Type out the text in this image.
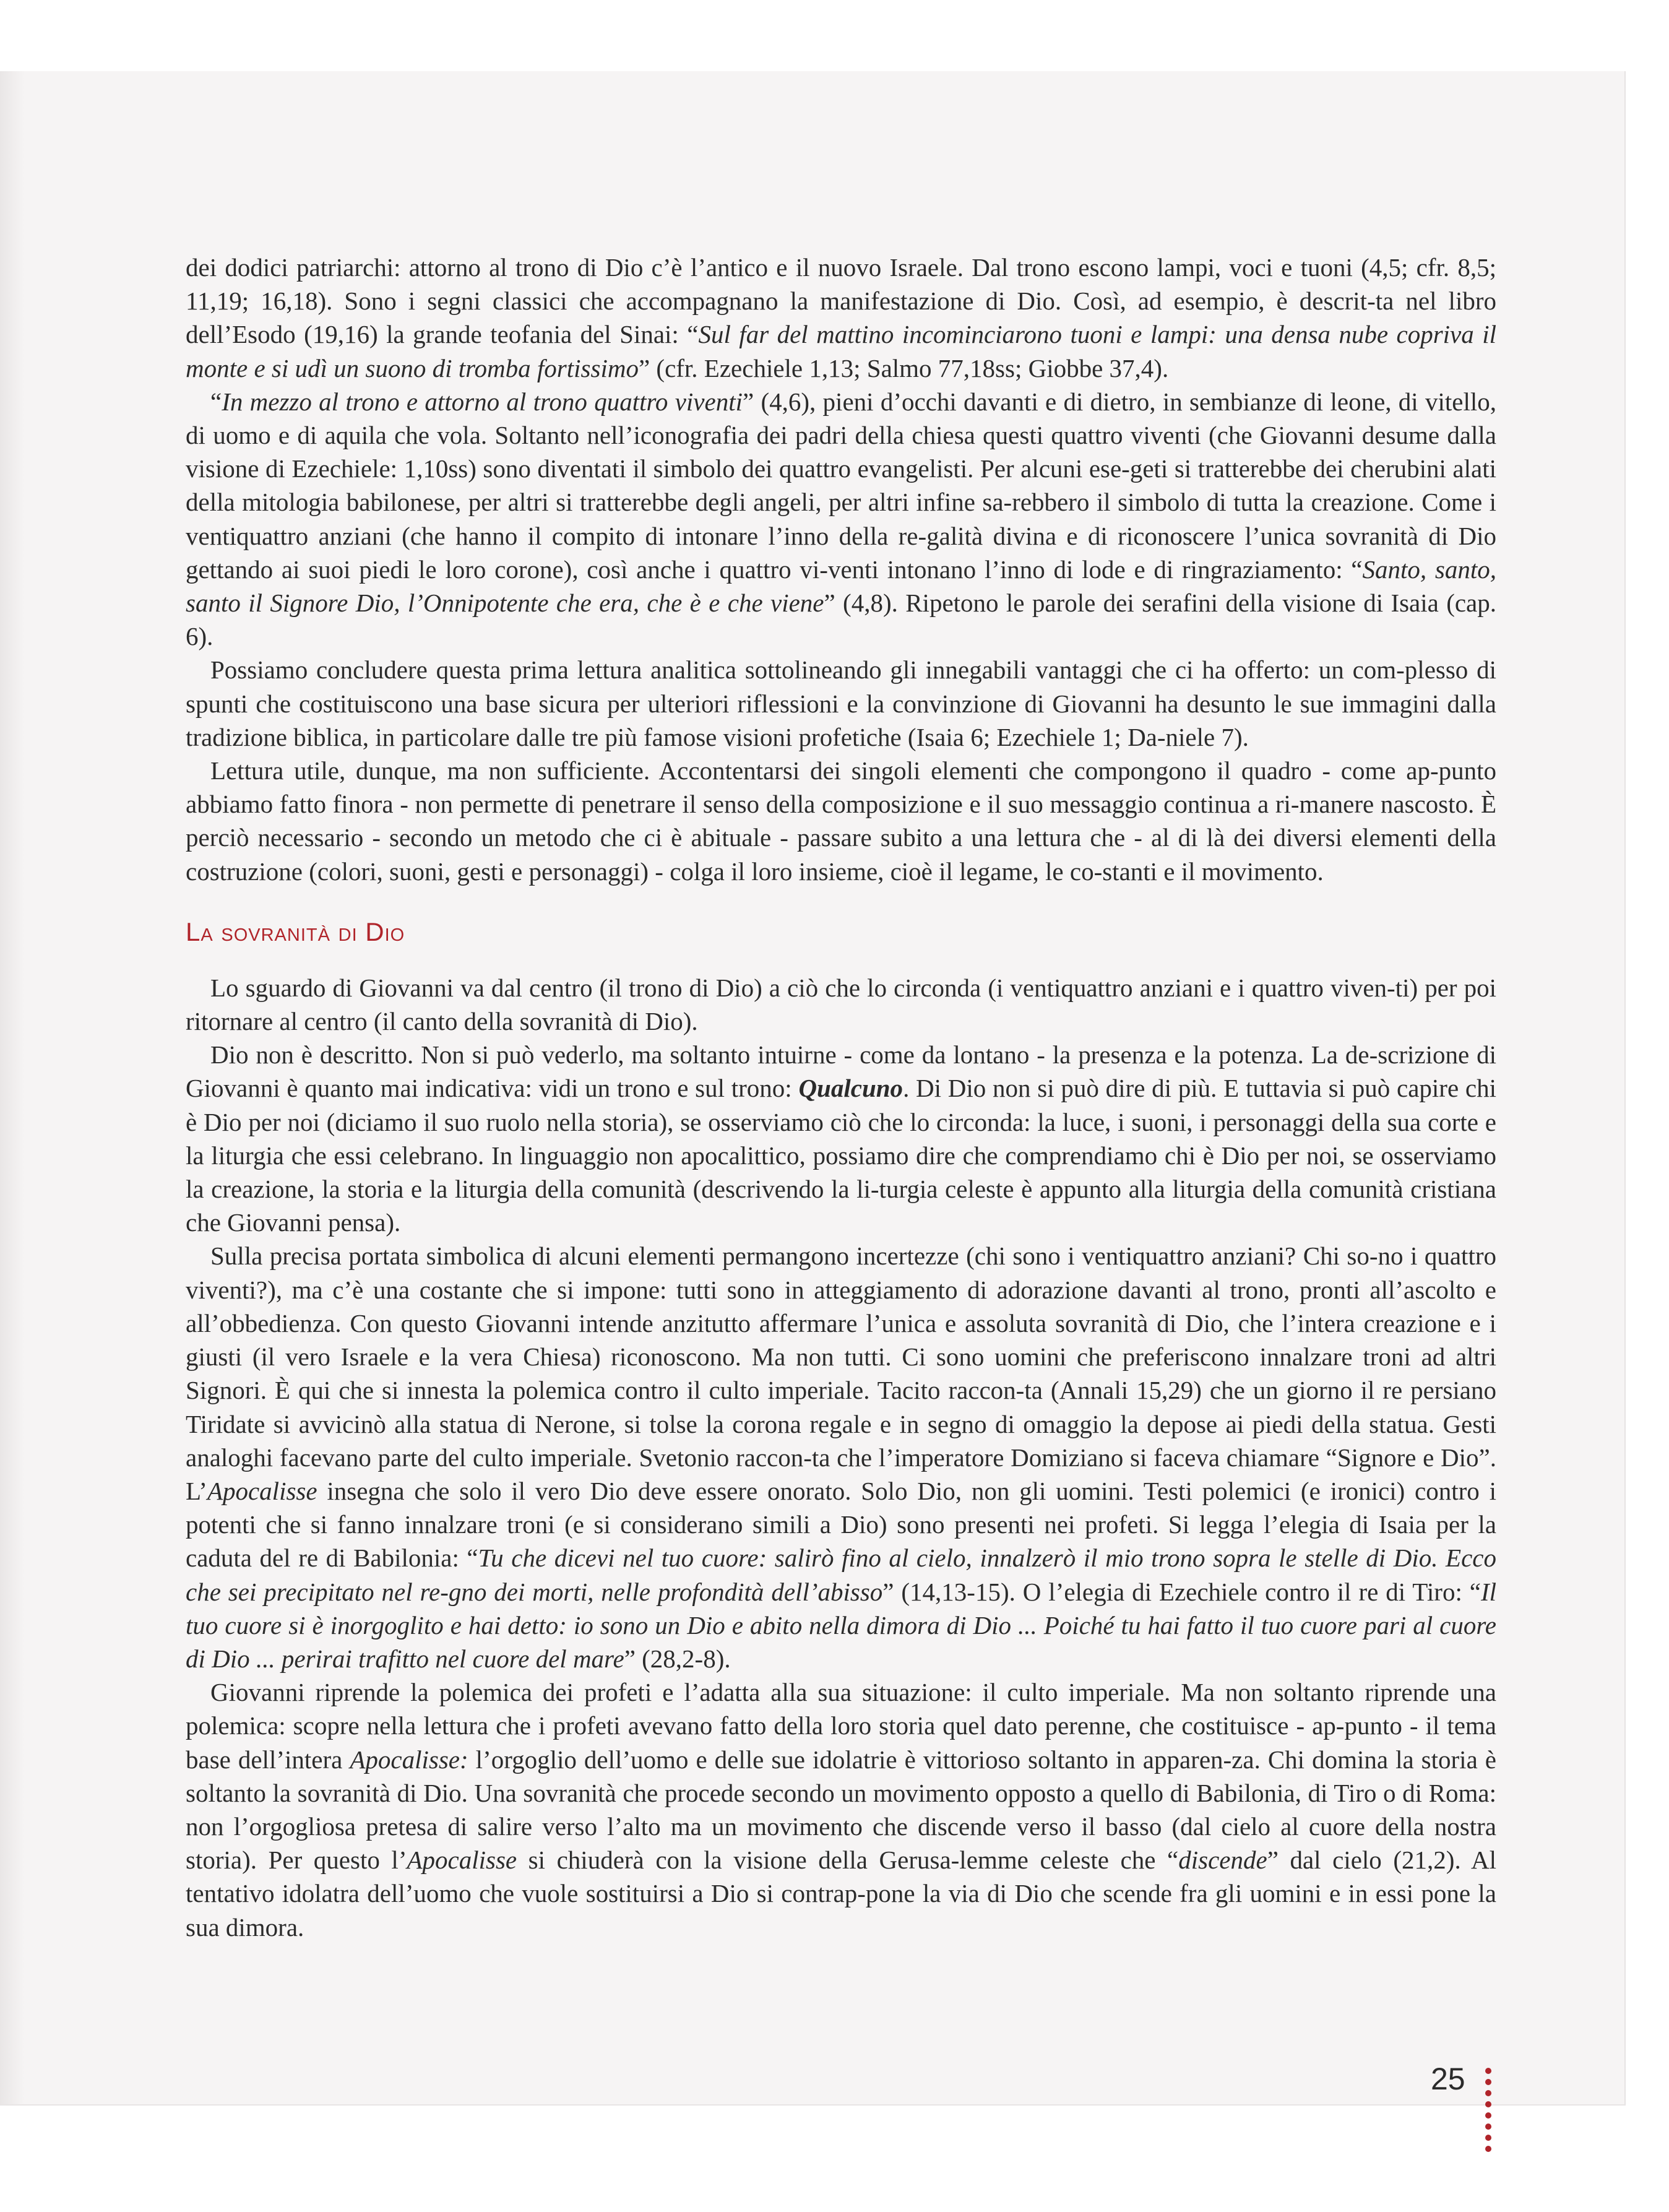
dei dodici patriarchi: attorno al trono di Dio c’è l’antico e il nuovo Israele. Dal trono escono lampi, voci e tuoni (4,5; cfr. 8,5; 11,19; 16,18). Sono i segni classici che accompagnano la manifestazione di Dio. Così, ad esempio, è descrit-ta nel libro dell’Esodo (19,16) la grande teofania del Sinai: “Sul far del mattino incominciarono tuoni e lampi: una densa nube copriva il monte e si udì un suono di tromba fortissimo” (cfr. Ezechiele 1,13; Salmo 77,18ss; Giobbe 37,4).

“In mezzo al trono e attorno al trono quattro viventi” (4,6), pieni d’occhi davanti e di dietro, in sembianze di leone, di vitello, di uomo e di aquila che vola. Soltanto nell’iconografia dei padri della chiesa questi quattro viventi (che Giovanni desume dalla visione di Ezechiele: 1,10ss) sono diventati il simbolo dei quattro evangelisti. Per alcuni ese-geti si tratterebbe dei cherubini alati della mitologia babilonese, per altri si tratterebbe degli angeli, per altri infine sa-rebbero il simbolo di tutta la creazione. Come i ventiquattro anziani (che hanno il compito di intonare l’inno della re-galità divina e di riconoscere l’unica sovranità di Dio gettando ai suoi piedi le loro corone), così anche i quattro vi-venti intonano l’inno di lode e di ringraziamento: “Santo, santo, santo il Signore Dio, l’Onnipotente che era, che è e che viene” (4,8). Ripetono le parole dei serafini della visione di Isaia (cap. 6).

Possiamo concludere questa prima lettura analitica sottolineando gli innegabili vantaggi che ci ha offerto: un com-plesso di spunti che costituiscono una base sicura per ulteriori riflessioni e la convinzione di Giovanni ha desunto le sue immagini dalla tradizione biblica, in particolare dalle tre più famose visioni profetiche (Isaia 6; Ezechiele 1; Da-niele 7).

Lettura utile, dunque, ma non sufficiente. Accontentarsi dei singoli elementi che compongono il quadro - come ap-punto abbiamo fatto finora - non permette di penetrare il senso della composizione e il suo messaggio continua a ri-manere nascosto. È perciò necessario - secondo un metodo che ci è abituale - passare subito a una lettura che - al di là dei diversi elementi della costruzione (colori, suoni, gesti e personaggi) - colga il loro insieme, cioè il legame, le co-stanti e il movimento.

La sovranità di Dio

Lo sguardo di Giovanni va dal centro (il trono di Dio) a ciò che lo circonda (i ventiquattro anziani e i quattro viven-ti) per poi ritornare al centro (il canto della sovranità di Dio).

Dio non è descritto. Non si può vederlo, ma soltanto intuirne - come da lontano - la presenza e la potenza. La de-scrizione di Giovanni è quanto mai indicativa: vidi un trono e sul trono: Qualcuno. Di Dio non si può dire di più. E tuttavia si può capire chi è Dio per noi (diciamo il suo ruolo nella storia), se osserviamo ciò che lo circonda: la luce, i suoni, i personaggi della sua corte e la liturgia che essi celebrano. In linguaggio non apocalittico, possiamo dire che comprendiamo chi è Dio per noi, se osserviamo la creazione, la storia e la liturgia della comunità (descrivendo la li-turgia celeste è appunto alla liturgia della comunità cristiana che Giovanni pensa).

Sulla precisa portata simbolica di alcuni elementi permangono incertezze (chi sono i ventiquattro anziani? Chi so-no i quattro viventi?), ma c’è una costante che si impone: tutti sono in atteggiamento di adorazione davanti al trono, pronti all’ascolto e all’obbedienza. Con questo Giovanni intende anzitutto affermare l’unica e assoluta sovranità di Dio, che l’intera creazione e i giusti (il vero Israele e la vera Chiesa) riconoscono. Ma non tutti. Ci sono uomini che preferiscono innalzare troni ad altri Signori. È qui che si innesta la polemica contro il culto imperiale. Tacito raccon-ta (Annali 15,29) che un giorno il re persiano Tiridate si avvicinò alla statua di Nerone, si tolse la corona regale e in segno di omaggio la depose ai piedi della statua. Gesti analoghi facevano parte del culto imperiale. Svetonio raccon-ta che l’imperatore Domiziano si faceva chiamare “Signore e Dio”. L’Apocalisse insegna che solo il vero Dio deve essere onorato. Solo Dio, non gli uomini. Testi polemici (e ironici) contro i potenti che si fanno innalzare troni (e si considerano simili a Dio) sono presenti nei profeti. Si legga l’elegia di Isaia per la caduta del re di Babilonia: “Tu che dicevi nel tuo cuore: salirò fino al cielo, innalzerò il mio trono sopra le stelle di Dio. Ecco che sei precipitato nel re-gno dei morti, nelle profondità dell’abisso” (14,13-15). O l’elegia di Ezechiele contro il re di Tiro: “Il tuo cuore si è inorgoglito e hai detto: io sono un Dio e abito nella dimora di Dio ... Poiché tu hai fatto il tuo cuore pari al cuore di Dio ... perirai trafitto nel cuore del mare” (28,2-8).

Giovanni riprende la polemica dei profeti e l’adatta alla sua situazione: il culto imperiale. Ma non soltanto riprende una polemica: scopre nella lettura che i profeti avevano fatto della loro storia quel dato perenne, che costituisce - ap-punto - il tema base dell’intera Apocalisse: l’orgoglio dell’uomo e delle sue idolatrie è vittorioso soltanto in apparen-za. Chi domina la storia è soltanto la sovranità di Dio. Una sovranità che procede secondo un movimento opposto a quello di Babilonia, di Tiro o di Roma: non l’orgogliosa pretesa di salire verso l’alto ma un movimento che discende verso il basso (dal cielo al cuore della nostra storia). Per questo l’Apocalisse si chiuderà con la visione della Gerusa-lemme celeste che “discende” dal cielo (21,2). Al tentativo idolatra dell’uomo che vuole sostituirsi a Dio si contrap-pone la via di Dio che scende fra gli uomini e in essi pone la sua dimora.

25
